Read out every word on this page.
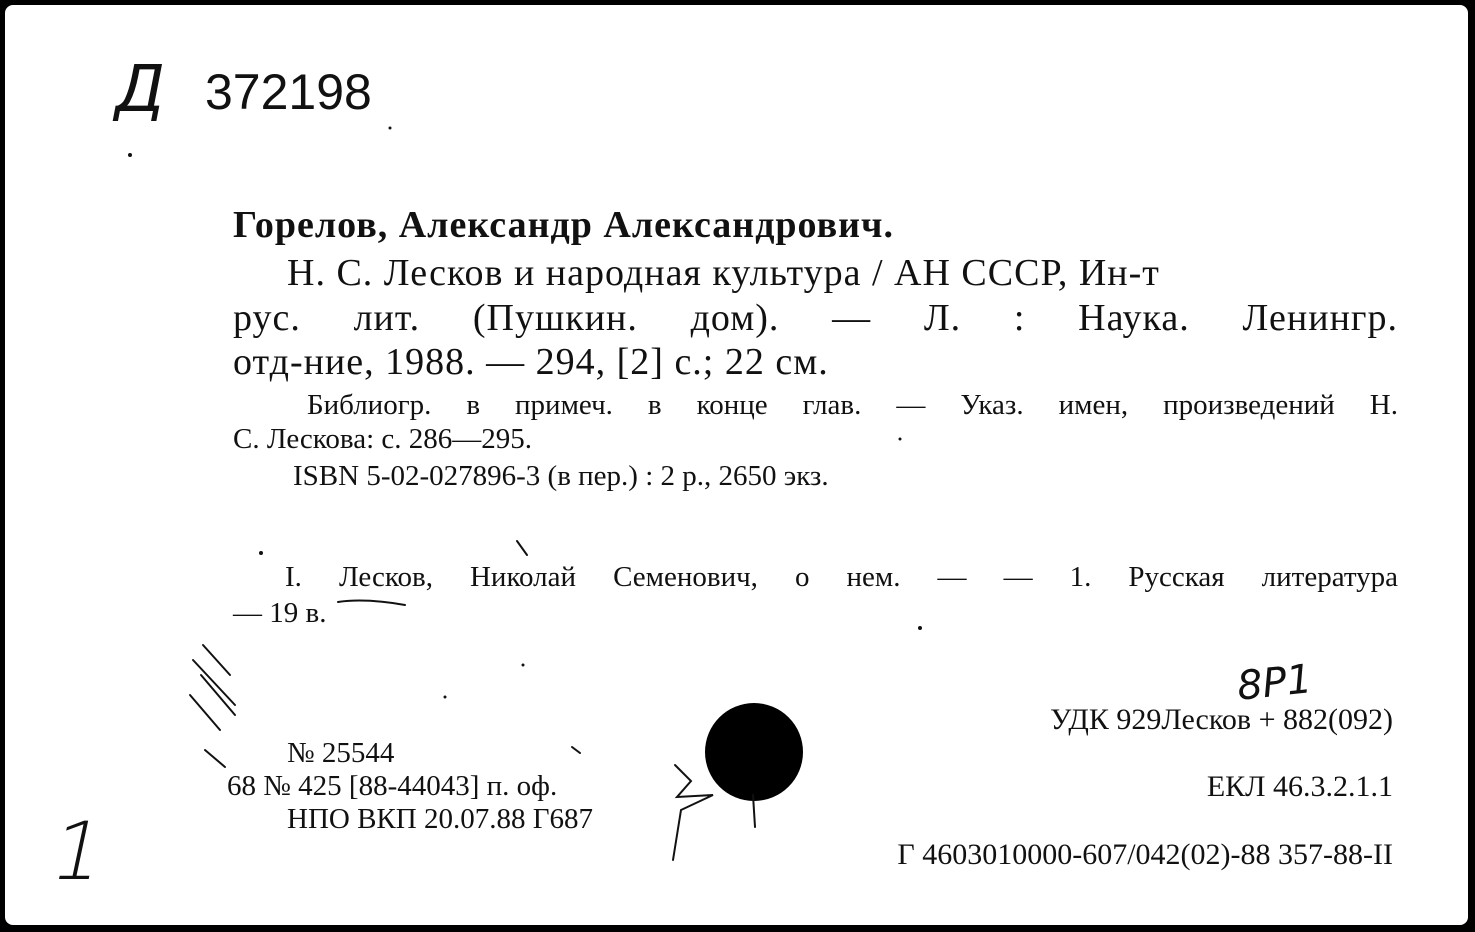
Д 372198
Горелов, Александр Александрович.
Н. С. Лесков и народная культура / АН СССР, Ин-т
рус. лит. (Пушкин. дом). — Л. : Наука. Ленингр.
отд-ние, 1988. — 294, [2] с.; 22 см.
Библиогр. в примеч. в конце глав. — Указ. имен, произведений Н.
С. Лескова: с. 286—295.
ISBN 5-02-027896-3 (в пер.) : 2 р., 2650 экз.
I. Лесков, Николай Семенович, о нем. — — 1. Русская литература
— 19 в.
8Р1
УДК 929Лесков + 882(092)
ЕКЛ 46.3.2.1.1
Г 4603010000-607/042(02)-88 357-88-II
№ 25544
68 № 425 [88-44043] п. оф.
НПО ВКП 20.07.88 Г687
1
